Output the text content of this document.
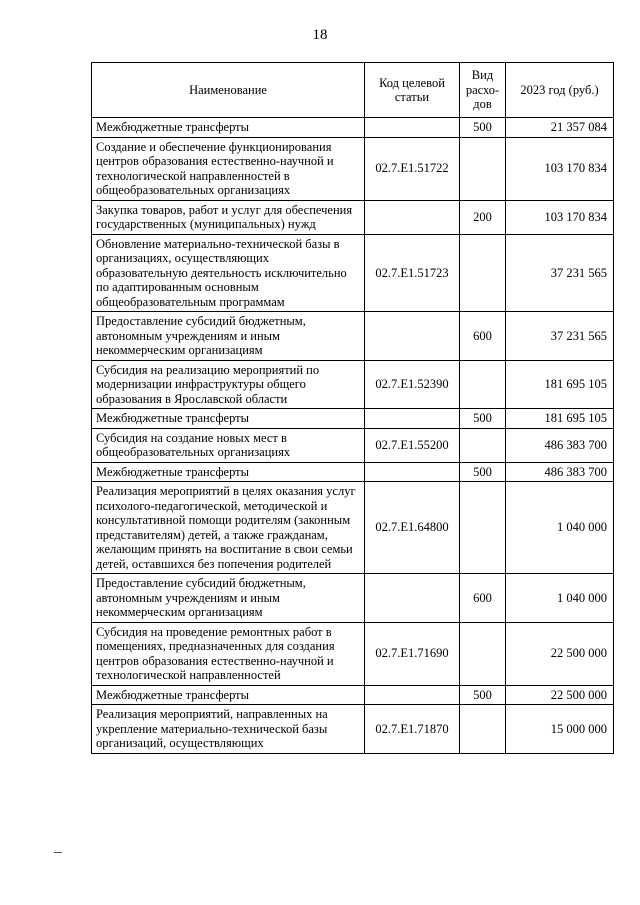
18
Наименование	Код целевой статьи	Вид расхо-дов	2023 год (руб.)
Межбюджетные трансферты		500	21 357 084
Создание и обеспечение функционирования центров образования естественно-научной и технологической направленностей в общеобразовательных организациях	02.7.E1.51722		103 170 834
Закупка товаров, работ и услуг для обеспечения государственных (муниципальных) нужд		200	103 170 834
Обновление материально-технической базы в организациях, осуществляющих образовательную деятельность исключительно по адаптированным основным общеобразовательным программам	02.7.E1.51723		37 231 565
Предоставление субсидий бюджетным, автономным учреждениям и иным некоммерческим организациям		600	37 231 565
Субсидия на реализацию мероприятий по модернизации инфраструктуры общего образования в Ярославской области	02.7.E1.52390		181 695 105
Межбюджетные трансферты		500	181 695 105
Субсидия на создание новых мест в общеобразовательных организациях	02.7.E1.55200		486 383 700
Межбюджетные трансферты		500	486 383 700
Реализация мероприятий в целях оказания услуг психолого-педагогической, методической и консультативной помощи родителям (законным представителям) детей, а также гражданам, желающим принять на воспитание в свои семьи детей, оставшихся без попечения родителей	02.7.E1.64800		1 040 000
Предоставление субсидий бюджетным, автономным учреждениям и иным некоммерческим организациям		600	1 040 000
Субсидия на проведение ремонтных работ в помещениях, предназначенных для создания центров образования естественно-научной и технологической направленностей	02.7.E1.71690		22 500 000
Межбюджетные трансферты		500	22 500 000
Реализация мероприятий, направленных на укрепление материально-технической базы организаций, осуществляющих	02.7.E1.71870		15 000 000
